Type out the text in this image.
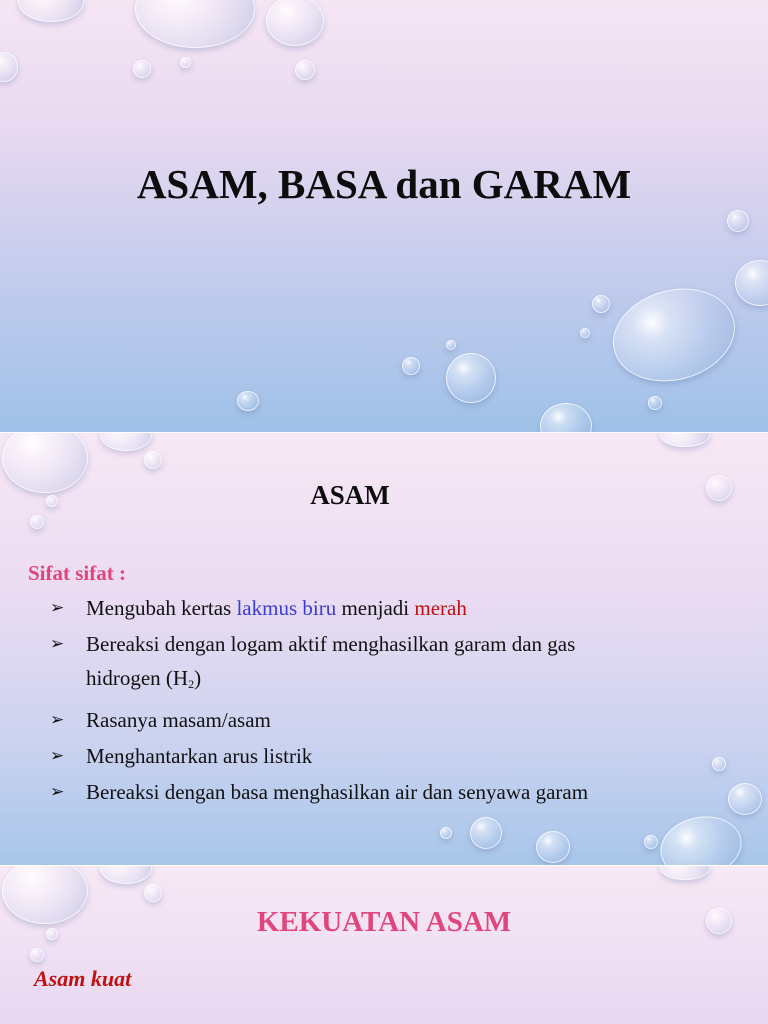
ASAM, BASA dan GARAM
ASAM

Sifat sifat :

➢	Mengubah kertas lakmus biru menjadi merah
➢	Bereaksi dengan logam aktif menghasilkan garam dan gas
hidrogen $(H_2)$
➢	Rasanya masam/asam
➢	Menghantarkan arus listrik
➢	Bereaksi dengan basa menghasilkan air dan senyawa garam
KEKUATAN ASAM

Asam kuat
